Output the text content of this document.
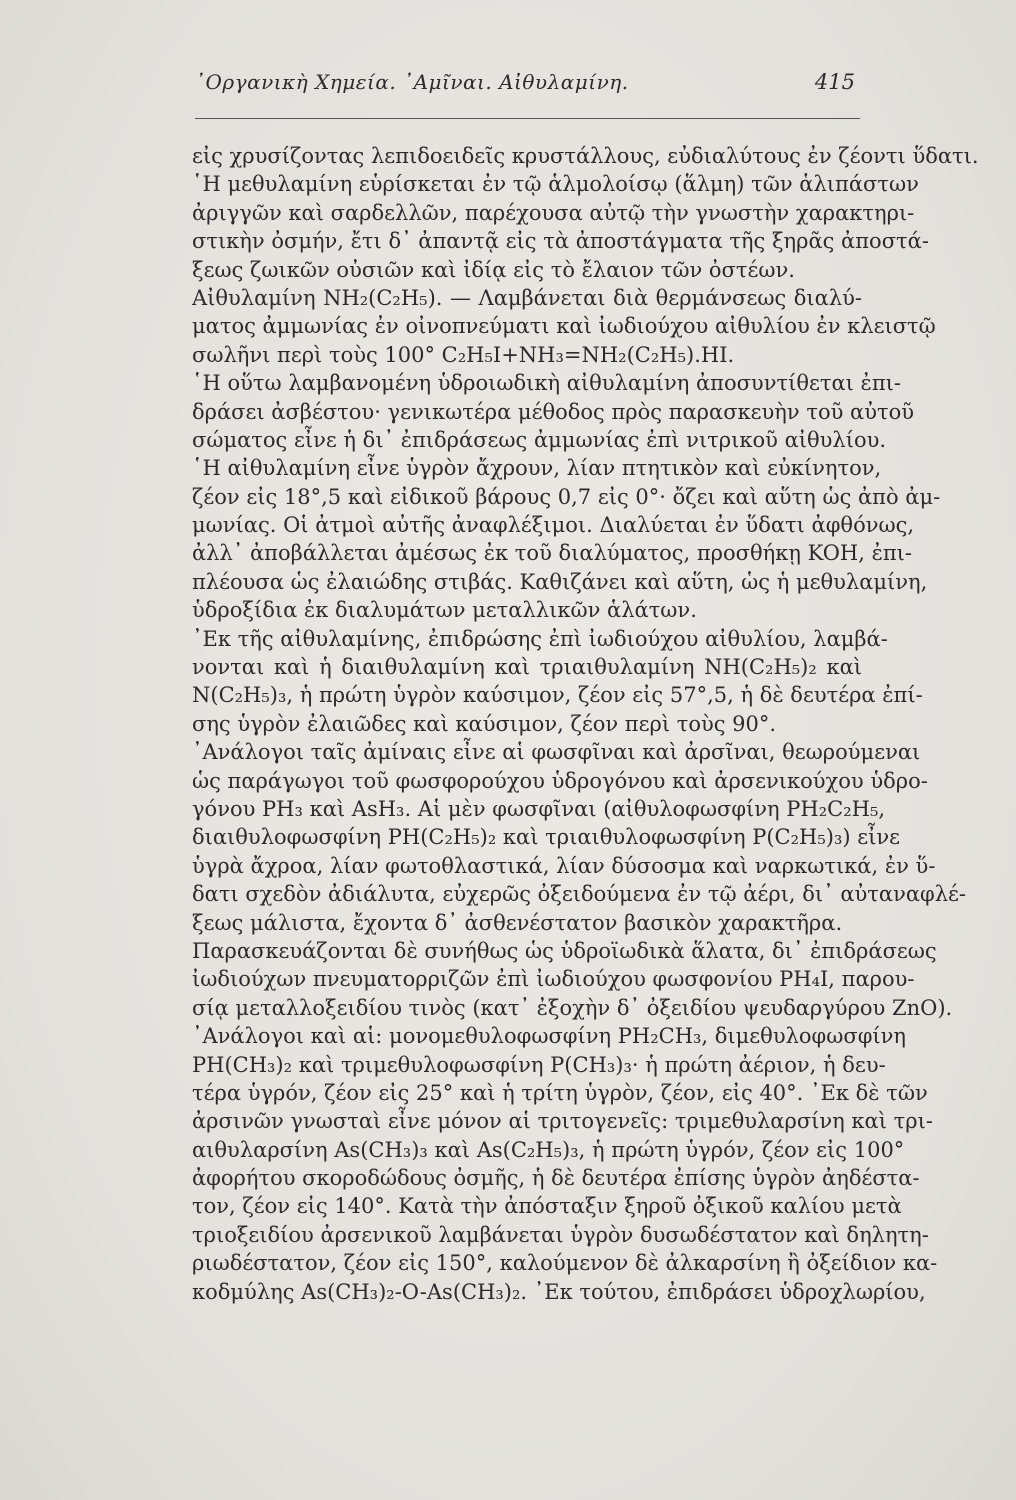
᾿Οργανικὴ Χημεία. ᾿Αμῖναι. Αἰθυλαμίνη.	415
εἰς χρυσίζοντας λεπιδοειδεῖς κρυστάλλους, εὐδιαλύτους ἐν ζέοντι ὕδατι.
῾Η μεθυλαμίνη εὑρίσκεται ἐν τῷ ἁλμολοίσῳ (ἅλμη) τῶν ἁλιπάστων
ἀριγγῶν καὶ σαρδελλῶν, παρέχουσα αὐτῷ τὴν γνωστὴν χαρακτηρι-
στικὴν ὀσμήν, ἔτι δ᾿ ἀπαντᾷ εἰς τὰ ἀποστάγματα τῆς ξηρᾶς ἀποστά-
ξεως ζωικῶν οὐσιῶν καὶ ἰδίᾳ εἰς τὸ ἔλαιον τῶν ὀστέων.
Αἰθυλαμίνη NH₂(C₂H₅). — Λαμβάνεται διὰ θερμάνσεως διαλύ-
ματος ἀμμωνίας ἐν οἰνοπνεύματι καὶ ἰωδιούχου αἰθυλίου ἐν κλειστῷ
σωλῆνι περὶ τοὺς 100° C₂H₅I+NH₃=NH₂(C₂H₅).HI.
῾Η οὕτω λαμβανομένη ὑδροιωδικὴ αἰθυλαμίνη ἀποσυντίθεται ἐπι-
δράσει ἀσβέστου· γενικωτέρα μέθοδος πρὸς παρασκευὴν τοῦ αὐτοῦ
σώματος εἶνε ἡ δι᾿ ἐπιδράσεως ἀμμωνίας ἐπὶ νιτρικοῦ αἰθυλίου.
῾Η αἰθυλαμίνη εἶνε ὑγρὸν ἄχρουν, λίαν πτητικὸν καὶ εὐκίνητον,
ζέον εἰς 18°,5 καὶ εἰδικοῦ βάρους 0,7 εἰς 0°· ὄζει καὶ αὕτη ὡς ἀπὸ ἀμ-
μωνίας. Οἱ ἀτμοὶ αὐτῆς ἀναφλέξιμοι. Διαλύεται ἐν ὕδατι ἀφθόνως,
ἀλλ᾿ ἀποβάλλεται ἀμέσως ἐκ τοῦ διαλύματος, προσθήκῃ KOH, ἐπι-
πλέουσα ὡς ἐλαιώδης στιβάς. Καθιζάνει καὶ αὕτη, ὡς ἡ μεθυλαμίνη,
ὑδροξίδια ἐκ διαλυμάτων μεταλλικῶν ἁλάτων.
᾿Εκ τῆς αἰθυλαμίνης, ἐπιδρώσης ἐπὶ ἰωδιούχου αἰθυλίου, λαμβά-
νονται καὶ ἡ διαιθυλαμίνη καὶ τριαιθυλαμίνη NH(C₂H₅)₂ καὶ
N(C₂H₅)₃, ἡ πρώτη ὑγρὸν καύσιμον, ζέον εἰς 57°,5, ἡ δὲ δευτέρα ἐπί-
σης ὑγρὸν ἐλαιῶδες καὶ καύσιμον, ζέον περὶ τοὺς 90°.
᾿Ανάλογοι ταῖς ἀμίναις εἶνε αἱ φωσφῖναι καὶ ἀρσῖναι, θεωρούμεναι
ὡς παράγωγοι τοῦ φωσφορούχου ὑδρογόνου καὶ ἀρσενικούχου ὑδρο-
γόνου PH₃ καὶ AsH₃. Αἱ μὲν φωσφῖναι (αἰθυλοφωσφίνη PH₂C₂H₅,
διαιθυλοφωσφίνη PH(C₂H₅)₂ καὶ τριαιθυλοφωσφίνη P(C₂H₅)₃) εἶνε
ὑγρὰ ἄχροα, λίαν φωτοθλαστικά, λίαν δύσοσμα καὶ ναρκωτικά, ἐν ὕ-
δατι σχεδὸν ἀδιάλυτα, εὐχερῶς ὀξειδούμενα ἐν τῷ ἀέρι, δι᾿ αὐταναφλέ-
ξεως μάλιστα, ἔχοντα δ᾿ ἀσθενέστατον βασικὸν χαρακτῆρα.
Παρασκευάζονται δὲ συνήθως ὡς ὑδροϊωδικὰ ἅλατα, δι᾿ ἐπιδράσεως
ἰωδιούχων πνευματορριζῶν ἐπὶ ἰωδιούχου φωσφονίου PH₄I, παρου-
σίᾳ μεταλλοξειδίου τινὸς (κατ᾿ ἐξοχὴν δ᾿ ὀξειδίου ψευδαργύρου ZnO).
᾿Ανάλογοι καὶ αἱ: μονομεθυλοφωσφίνη PH₂CH₃, διμεθυλοφωσφίνη
PH(CH₃)₂ καὶ τριμεθυλοφωσφίνη P(CH₃)₃· ἡ πρώτη ἀέριον, ἡ δευ-
τέρα ὑγρόν, ζέον εἰς 25° καὶ ἡ τρίτη ὑγρὸν, ζέον, εἰς 40°. ᾿Εκ δὲ τῶν
ἀρσινῶν γνωσταὶ εἶνε μόνον αἱ τριτογενεῖς: τριμεθυλαρσίνη καὶ τρι-
αιθυλαρσίνη As(CH₃)₃ καὶ As(C₂H₅)₃, ἡ πρώτη ὑγρόν, ζέον εἰς 100°
ἀφορήτου σκοροδώδους ὀσμῆς, ἡ δὲ δευτέρα ἐπίσης ὑγρὸν ἀηδέστα-
τον, ζέον εἰς 140°. Κατὰ τὴν ἀπόσταξιν ξηροῦ ὀξικοῦ καλίου μετὰ
τριοξειδίου ἀρσενικοῦ λαμβάνεται ὑγρὸν δυσωδέστατον καὶ δηλητη-
ριωδέστατον, ζέον εἰς 150°, καλούμενον δὲ ἀλκαρσίνη ἢ ὀξείδιον κα-
κοδμύλης As(CH₃)₂-O-As(CH₃)₂. ᾿Εκ τούτου, ἐπιδράσει ὑδροχλωρίου,
